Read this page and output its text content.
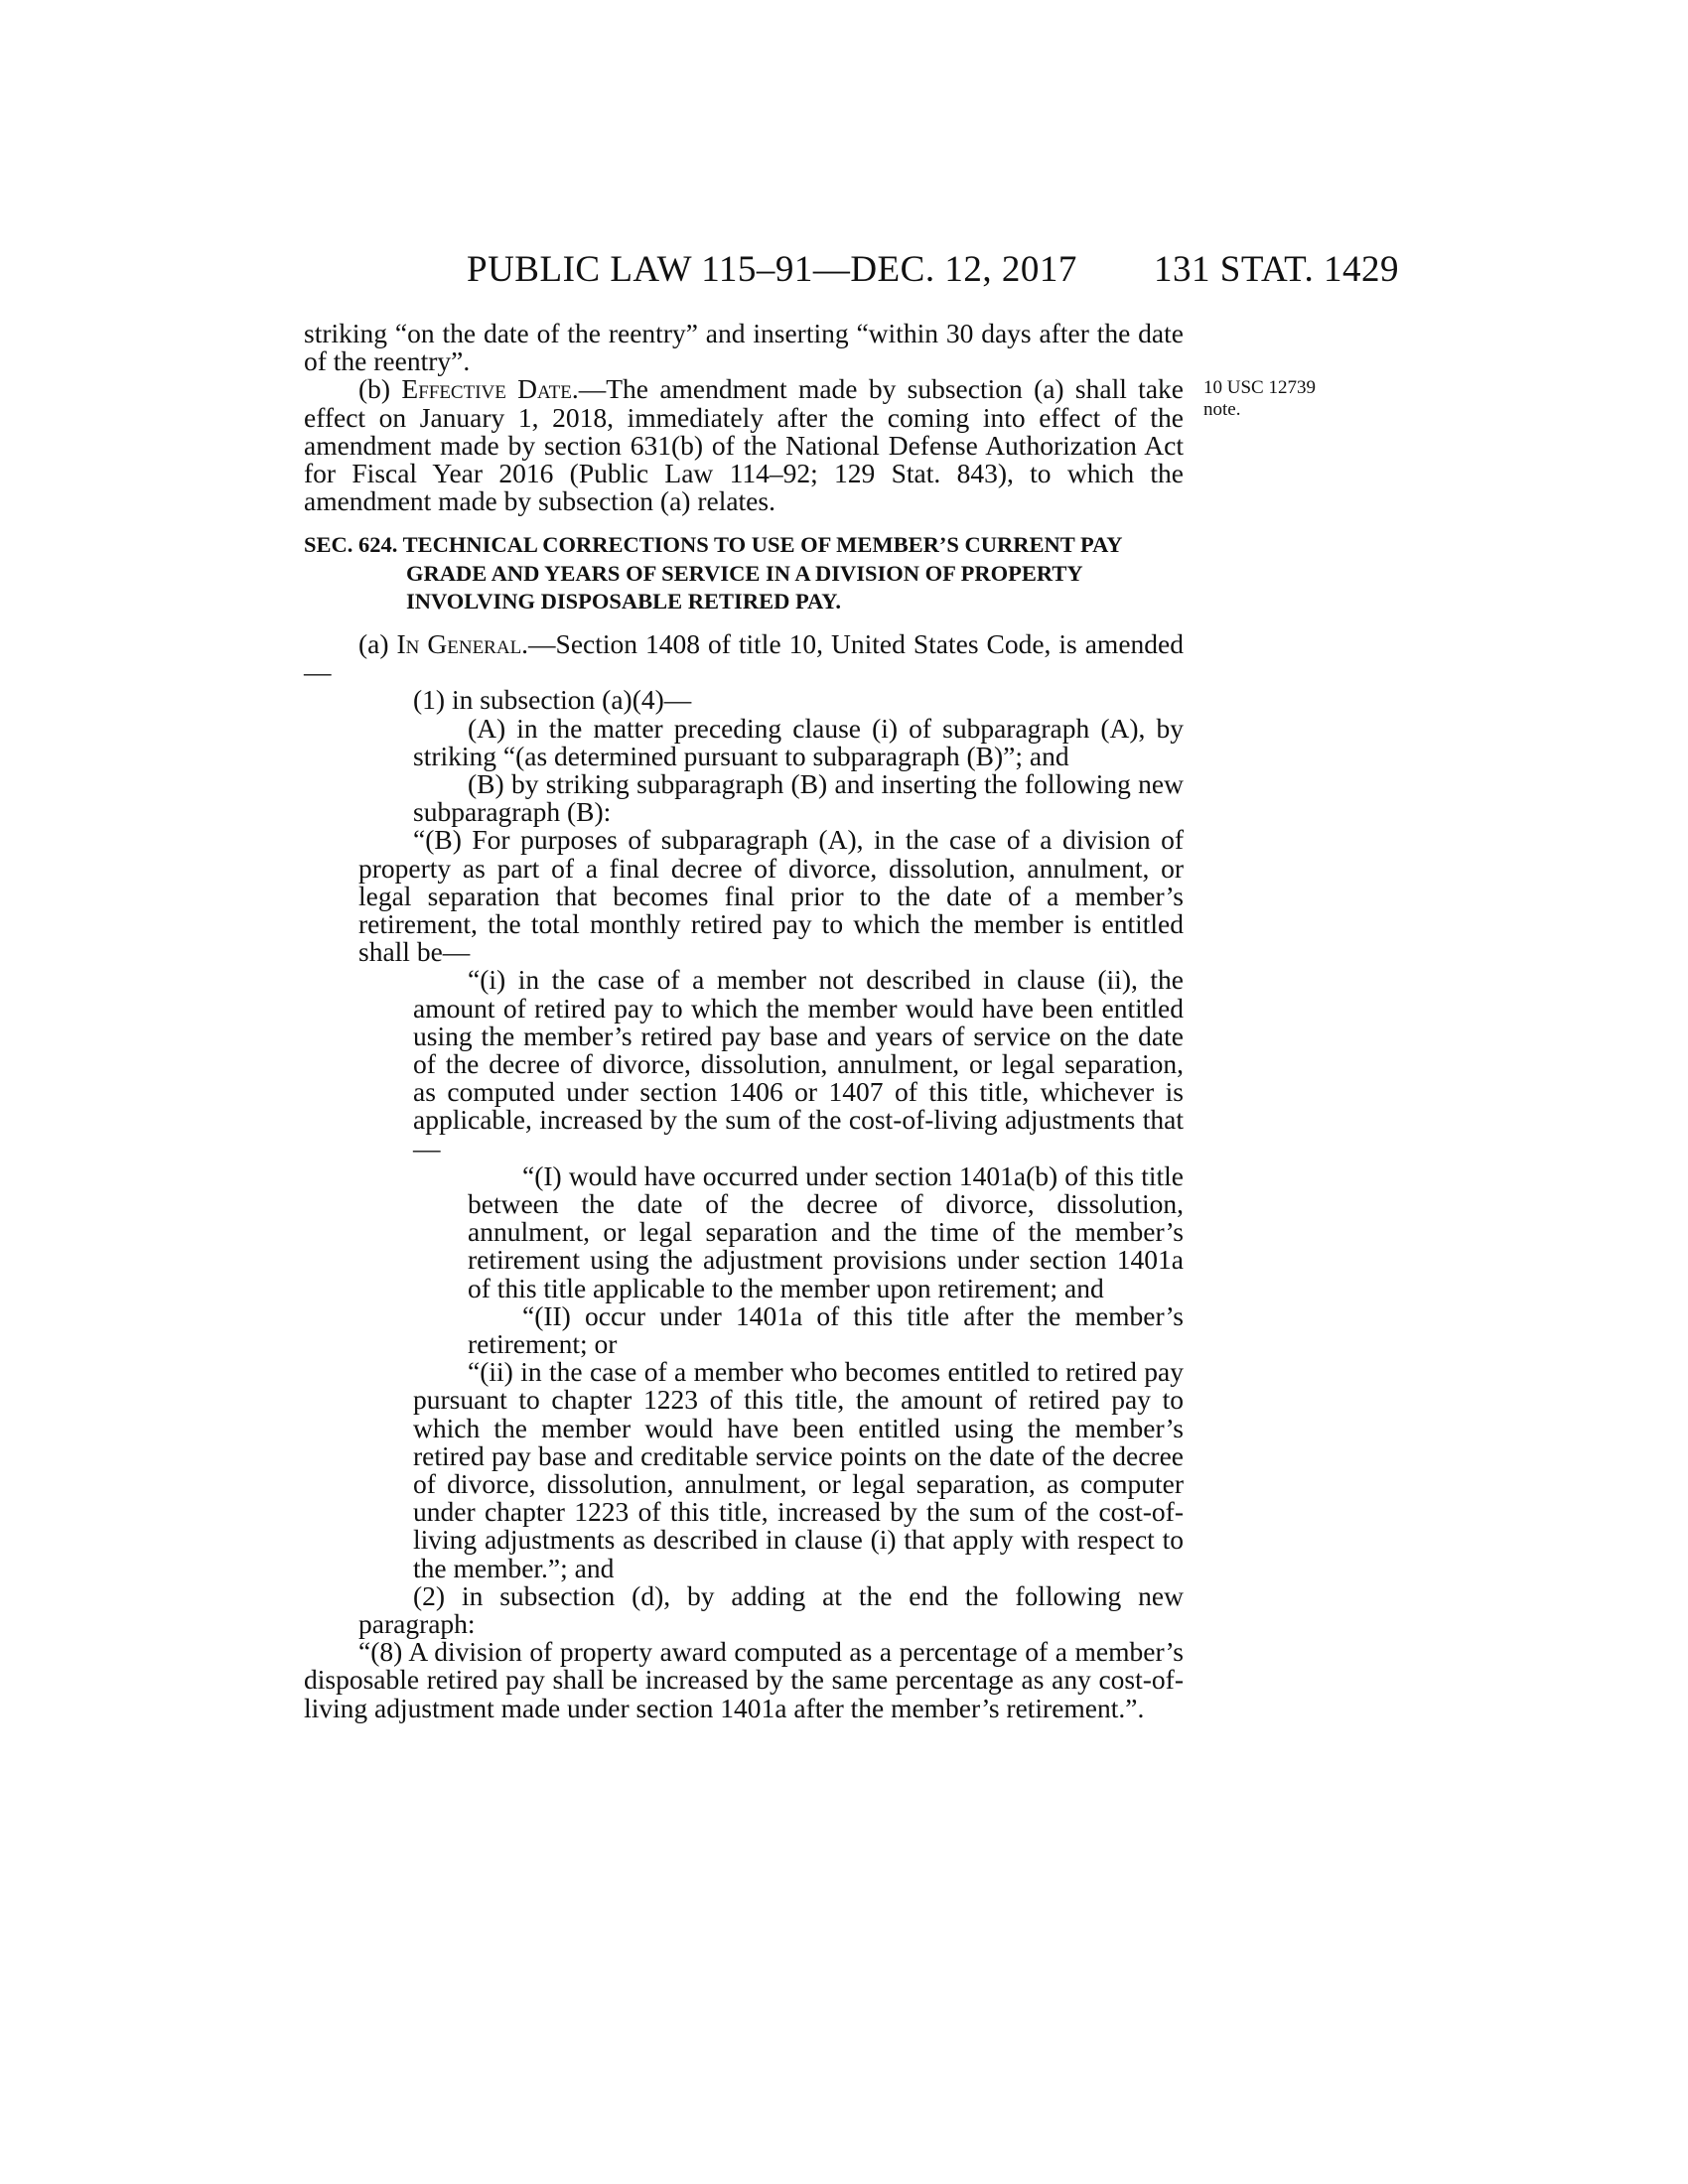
PUBLIC LAW 115–91—DEC. 12, 2017 131 STAT. 1429
10 USC 12739
note.

striking “on the date of the reentry” and inserting “within 30 days after the date of the reentry”.

(b) Effective Date.—The amendment made by subsection (a) shall take effect on January 1, 2018, immediately after the coming into effect of the amendment made by section 631(b) of the National Defense Authorization Act for Fiscal Year 2016 (Public Law 114–92; 129 Stat. 843), to which the amendment made by subsection (a) relates.

SEC. 624. TECHNICAL CORRECTIONS TO USE OF MEMBER’S CURRENT PAY GRADE AND YEARS OF SERVICE IN A DIVISION OF PROPERTY INVOLVING DISPOSABLE RETIRED PAY.

(a) In General.—Section 1408 of title 10, United States Code, is amended—

(1) in subsection (a)(4)—

(A) in the matter preceding clause (i) of subparagraph (A), by striking “(as determined pursuant to subparagraph (B)”; and

(B) by striking subparagraph (B) and inserting the following new subparagraph (B):

“(B) For purposes of subparagraph (A), in the case of a division of property as part of a final decree of divorce, dissolution, annulment, or legal separation that becomes final prior to the date of a member’s retirement, the total monthly retired pay to which the member is entitled shall be—

“(i) in the case of a member not described in clause (ii), the amount of retired pay to which the member would have been entitled using the member’s retired pay base and years of service on the date of the decree of divorce, dissolution, annulment, or legal separation, as computed under section 1406 or 1407 of this title, whichever is applicable, increased by the sum of the cost-of-living adjustments that—

“(I) would have occurred under section 1401a(b) of this title between the date of the decree of divorce, dissolution, annulment, or legal separation and the time of the member’s retirement using the adjustment provisions under section 1401a of this title applicable to the member upon retirement; and

“(II) occur under 1401a of this title after the member’s retirement; or

“(ii) in the case of a member who becomes entitled to retired pay pursuant to chapter 1223 of this title, the amount of retired pay to which the member would have been entitled using the member’s retired pay base and creditable service points on the date of the decree of divorce, dissolution, annulment, or legal separation, as computer under chapter 1223 of this title, increased by the sum of the cost-of-living adjustments as described in clause (i) that apply with respect to the member.”; and

(2) in subsection (d), by adding at the end the following new paragraph:

“(8) A division of property award computed as a percentage of a member’s disposable retired pay shall be increased by the same percentage as any cost-of-living adjustment made under section 1401a after the member’s retirement.”.
